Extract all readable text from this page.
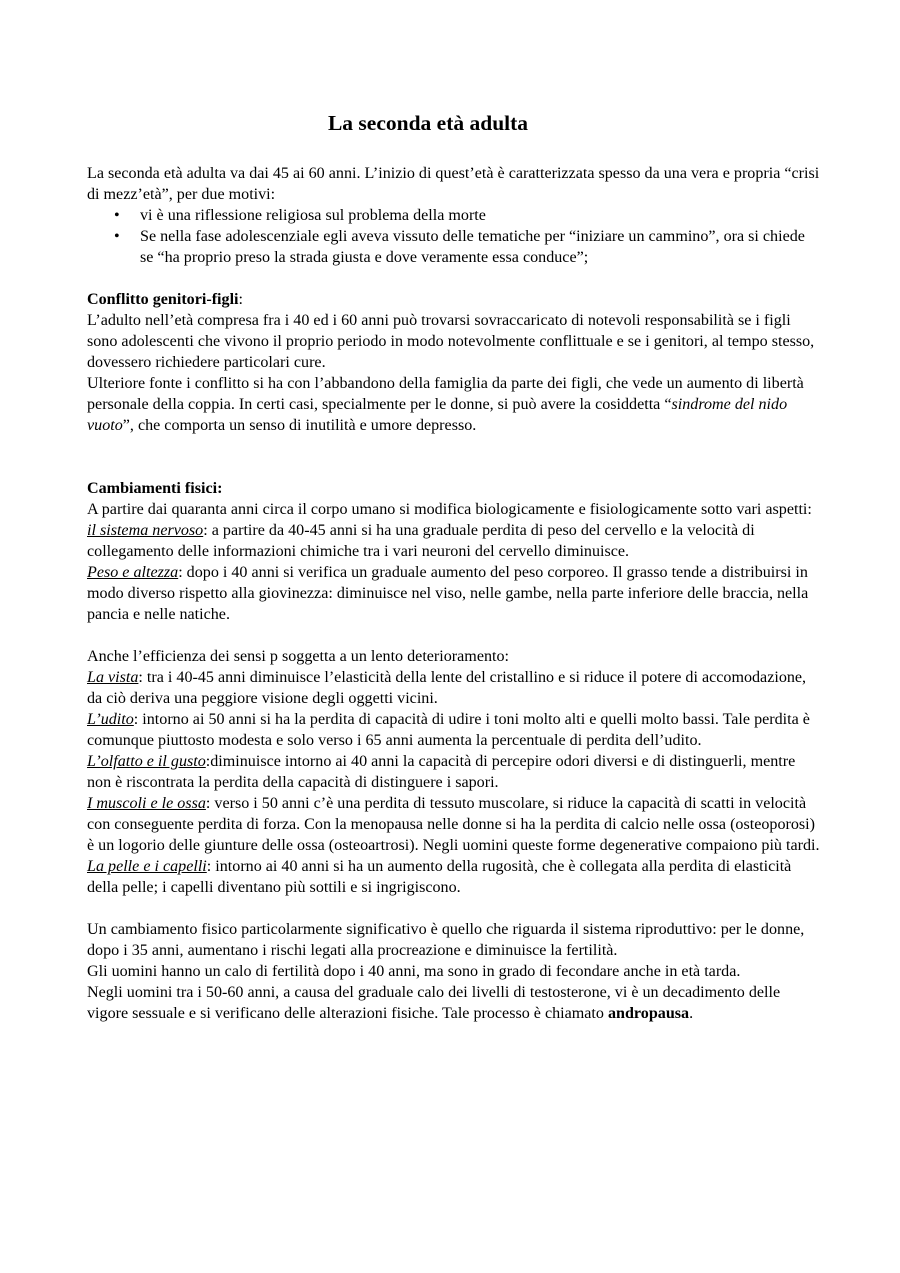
La seconda età adulta

La seconda età adulta va dai 45 ai 60 anni. L’inizio di quest’età è caratterizzata spesso da una vera e propria “crisi di mezz’età”, per due motivi:

• vi è una riflessione religiosa sul problema della morte
• Se nella fase adolescenziale egli aveva vissuto delle tematiche per “iniziare un cammino”, ora si chiede se “ha proprio preso la strada giusta e dove veramente essa conduce”;

Conflitto genitori-figli:

L’adulto nell’età compresa fra i 40 ed i 60 anni può trovarsi sovraccaricato di notevoli responsabilità se i figli sono adolescenti che vivono il proprio periodo in modo notevolmente conflittuale e se i genitori, al tempo stesso, dovessero richiedere particolari cure.

Ulteriore fonte i conflitto si ha con l’abbandono della famiglia da parte dei figli, che vede un aumento di libertà personale della coppia. In certi casi, specialmente per le donne, si può avere la cosiddetta “sindrome del nido vuoto”, che comporta un senso di inutilità e umore depresso.

Cambiamenti fisici:

A partire dai quaranta anni circa il corpo umano si modifica biologicamente e fisiologicamente sotto vari aspetti:

il sistema nervoso: a partire da 40-45 anni si ha una graduale perdita di peso del cervello e la velocità di collegamento delle informazioni chimiche tra i vari neuroni del cervello diminuisce.

Peso e altezza: dopo i 40 anni si verifica un graduale aumento del peso corporeo. Il grasso tende a distribuirsi in modo diverso rispetto alla giovinezza: diminuisce nel viso, nelle gambe, nella parte inferiore delle braccia, nella pancia e nelle natiche.

Anche l’efficienza dei sensi p soggetta a un lento deterioramento:

La vista: tra i 40-45 anni diminuisce l’elasticità della lente del cristallino e si riduce il potere di accomodazione, da ciò deriva una peggiore visione degli oggetti vicini.

L’udito: intorno ai 50 anni si ha la perdita di capacità di udire i toni molto alti e quelli molto bassi. Tale perdita è comunque piuttosto modesta e solo verso i 65 anni aumenta la percentuale di perdita dell’udito.

L’olfatto e il gusto:diminuisce intorno ai 40 anni la capacità di percepire odori diversi e di distinguerli, mentre non è riscontrata la perdita della capacità di distinguere i sapori.

I muscoli e le ossa: verso i 50 anni c’è una perdita di tessuto muscolare, si riduce la capacità di scatti in velocità con conseguente perdita di forza. Con la menopausa nelle donne si ha la perdita di calcio nelle ossa (osteoporosi) è un logorio delle giunture delle ossa (osteoartrosi). Negli uomini queste forme degenerative compaiono più tardi.

La pelle e i capelli: intorno ai 40 anni si ha un aumento della rugosità, che è collegata alla perdita di elasticità della pelle; i capelli diventano più sottili e si ingrigiscono.

Un cambiamento fisico particolarmente significativo è quello che riguarda il sistema riproduttivo: per le donne, dopo i 35 anni, aumentano i rischi legati alla procreazione e diminuisce la fertilità.

Gli uomini hanno un calo di fertilità dopo i 40 anni, ma sono in grado di fecondare anche in età tarda.

Negli uomini tra i 50-60 anni, a causa del graduale calo dei livelli di testosterone, vi è un decadimento delle vigore sessuale e si verificano delle alterazioni fisiche. Tale processo è chiamato andropausa.
